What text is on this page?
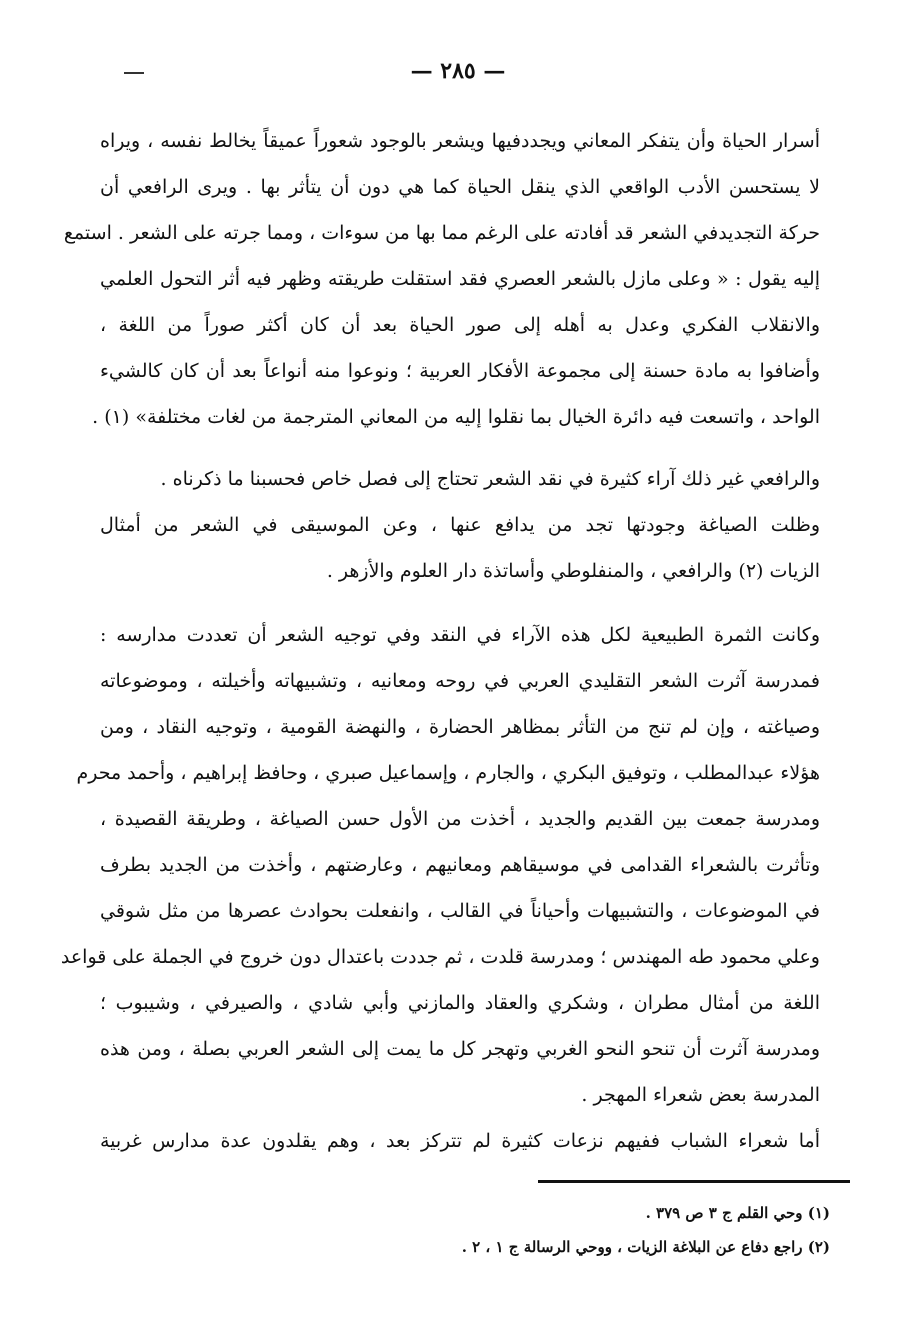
— ٢٨٥ —
أسرار الحياة وأن يتفكر المعاني ويجددفيها ويشعر بالوجود شعوراً عميقاً يخالط نفسه ، ويراه
لا يستحسن الأدب الواقعي الذي ينقل الحياة كما هي دون أن يتأثر بها . ويرى الرافعي أن
حركة التجديدفي الشعر قد أفادته على الرغم مما بها من سوءات ، ومما جرته على الشعر . استمع
إليه يقول : « وعلى مازل بالشعر العصري فقد استقلت طريقته وظهر فيه أثر التحول العلمي
والانقلاب الفكري وعدل به أهله إلى صور الحياة بعد أن كان أكثر صوراً من اللغة ،
وأضافوا به مادة حسنة إلى مجموعة الأفكار العربية ؛ ونوعوا منه أنواعاً بعد أن كان كالشيء
الواحد ، واتسعت فيه دائرة الخيال بما نقلوا إليه من المعاني المترجمة من لغات مختلفة» (١) .
والرافعي غير ذلك آراء كثيرة في نقد الشعر تحتاج إلى فصل خاص فحسبنا ما ذكرناه .
وظلت الصياغة وجودتها تجد من يدافع عنها ، وعن الموسيقى في الشعر من أمثال
الزيات (٢) والرافعي ، والمنفلوطي وأساتذة دار العلوم والأزهر .
وكانت الثمرة الطبيعية لكل هذه الآراء في النقد وفي توجيه الشعر أن تعددت مدارسه :
فمدرسة آثرت الشعر التقليدي العربي في روحه ومعانيه ، وتشبيهاته وأخيلته ، وموضوعاته
وصياغته ، وإن لم تنج من التأثر بمظاهر الحضارة ، والنهضة القومية ، وتوجيه النقاد ، ومن
هؤلاء عبدالمطلب ، وتوفيق البكري ، والجارم ، وإسماعيل صبري ، وحافظ إبراهيم ، وأحمد محرم
ومدرسة جمعت بين القديم والجديد ، أخذت من الأول حسن الصياغة ، وطريقة القصيدة ،
وتأثرت بالشعراء القدامى في موسيقاهم ومعانيهم ، وعارضتهم ، وأخذت من الجديد بطرف
في الموضوعات ، والتشبيهات وأحياناً في القالب ، وانفعلت بحوادث عصرها من مثل شوقي
وعلي محمود طه المهندس ؛ ومدرسة قلدت ، ثم جددت باعتدال دون خروج في الجملة على قواعد
اللغة من أمثال مطران ، وشكري والعقاد والمازني وأبي شادي ، والصيرفي ، وشيبوب ؛
ومدرسة آثرت أن تنحو النحو الغربي وتهجر كل ما يمت إلى الشعر العربي بصلة ، ومن هذه
المدرسة بعض شعراء المهجر .
أما شعراء الشباب ففيهم نزعات كثيرة لم تتركز بعد ، وهم يقلدون عدة مدارس غربية
(١) وحي القلم ج ٣ ص ٣٧٩ .
(٢) راجع دفاع عن البلاغة الزيات ، ووحي الرسالة ج ١ ، ٢ .
